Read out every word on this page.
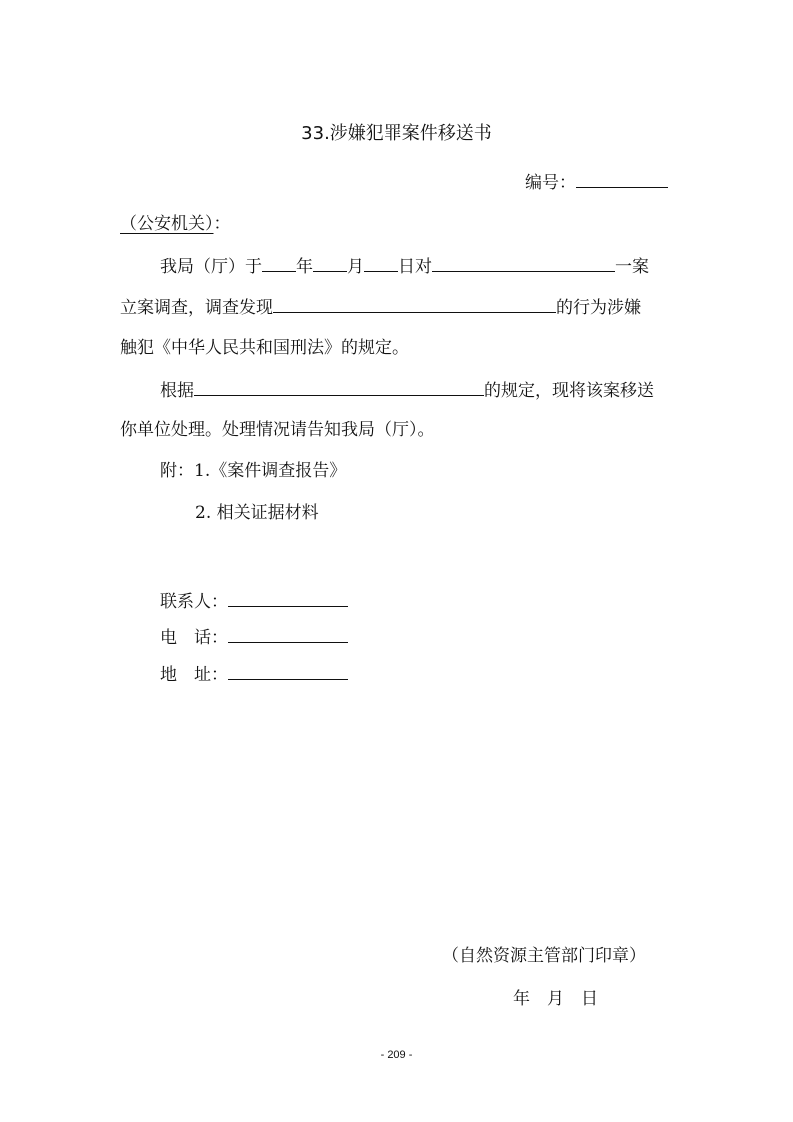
33.涉嫌犯罪案件移送书
编号：
（公安机关）：
我局（厅）于 年 月 日对	一案
立案调查，调查发现	的行为涉嫌
触犯《中华人民共和国刑法》的规定。
根据	的规定，现将该案移送
你单位处理。处理情况请告知我局（厅）。
附：1.《案件调查报告》
2. 相关证据材料
联系人：
电　话：
地　址：
（自然资源主管部门印章）
年　月　日
- 209 -
